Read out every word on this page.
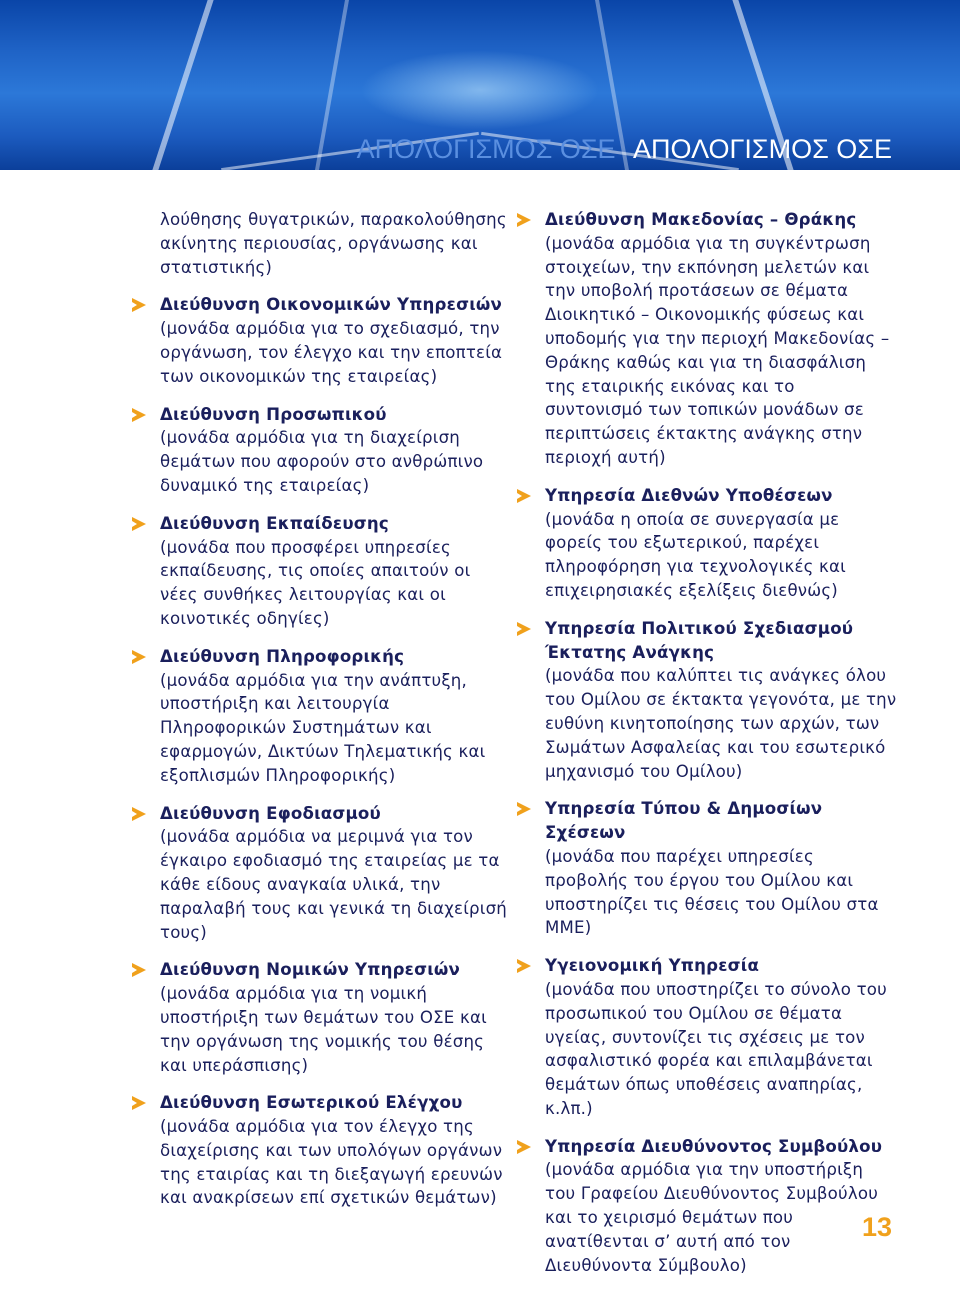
ΑΠΟΛΟΓΙΣΜΟΣ ΟΣΕ ΑΠΟΛΟΓΙΣΜΟΣ ΟΣΕ
λούθησης θυγατρικών, παρακολούθησης ακίνητης περιουσίας, οργάνωσης και στατιστικής)
Διεύθυνση Οικονομικών Υπηρεσιών
(μονάδα αρμόδια για το σχεδιασμό, την οργάνωση, τον έλεγχο και την εποπτεία των οικονομικών της εταιρείας)
Διεύθυνση Προσωπικού
(μονάδα αρμόδια για τη διαχείριση θεμάτων που αφορούν στο ανθρώπινο δυναμικό της εταιρείας)
Διεύθυνση Εκπαίδευσης
(μονάδα που προσφέρει υπηρεσίες εκπαίδευσης, τις οποίες απαιτούν οι νέες συνθήκες λειτουργίας και οι κοινοτικές οδηγίες)
Διεύθυνση Πληροφορικής
(μονάδα αρμόδια για την ανάπτυξη, υποστήριξη και λειτουργία Πληροφορικών Συστημάτων και εφαρμογών, Δικτύων Τηλεματικής και εξοπλισμών Πληροφορικής)
Διεύθυνση Εφοδιασμού
(μονάδα αρμόδια να μεριμνά για τον έγκαιρο εφοδιασμό της εταιρείας με τα κάθε είδους αναγκαία υλικά, την παραλαβή τους και γενικά τη διαχείρισή τους)
Διεύθυνση Νομικών Υπηρεσιών
(μονάδα αρμόδια για τη νομική υποστήριξη των θεμάτων του ΟΣΕ και την οργάνωση της νομικής του θέσης και υπεράσπισης)
Διεύθυνση Εσωτερικού Ελέγχου
(μονάδα αρμόδια για τον έλεγχο της διαχείρισης και των υπολόγων οργάνων της εταιρίας και τη διεξαγωγή ερευνών και ανακρίσεων επί σχετικών θεμάτων)
Διεύθυνση Μακεδονίας – Θράκης
(μονάδα αρμόδια για τη συγκέντρωση στοιχείων, την εκπόνηση μελετών και την υποβολή προτάσεων σε θέματα Διοικητικό – Οικονομικής φύσεως και υποδομής για την περιοχή Μακεδονίας – Θράκης καθώς και για τη διασφάλιση της εταιρικής εικόνας και το συντονισμό των τοπικών μονάδων σε περιπτώσεις έκτακτης ανάγκης στην περιοχή αυτή)
Υπηρεσία Διεθνών Υποθέσεων
(μονάδα η οποία σε συνεργασία με φορείς του εξωτερικού, παρέχει πληροφόρηση για τεχνολογικές και επιχειρησιακές εξελίξεις διεθνώς)
Υπηρεσία Πολιτικού Σχεδιασμού Έκτατης Ανάγκης
(μονάδα που καλύπτει τις ανάγκες όλου του Ομίλου σε έκτακτα γεγονότα, με την ευθύνη κινητοποίησης των αρχών, των Σωμάτων Ασφαλείας και του εσωτερικό μηχανισμό του Ομίλου)
Υπηρεσία Τύπου & Δημοσίων Σχέσεων
(μονάδα που παρέχει υπηρεσίες προβολής του έργου του Ομίλου και υποστηρίζει τις θέσεις του Ομίλου στα ΜΜΕ)
Υγειονομική Υπηρεσία
(μονάδα που υποστηρίζει το σύνολο του προσωπικού του Ομίλου σε θέματα υγείας, συντονίζει τις σχέσεις με τον ασφαλιστικό φορέα και επιλαμβάνεται θεμάτων όπως υποθέσεις αναπηρίας, κ.λπ.)
Υπηρεσία Διευθύνοντος Συμβούλου
(μονάδα αρμόδια για την υποστήριξη του Γραφείου Διευθύνοντος Συμβούλου και το χειρισμό θεμάτων που ανατίθενται σ’ αυτή από τον Διευθύνοντα Σύμβουλο)
13
